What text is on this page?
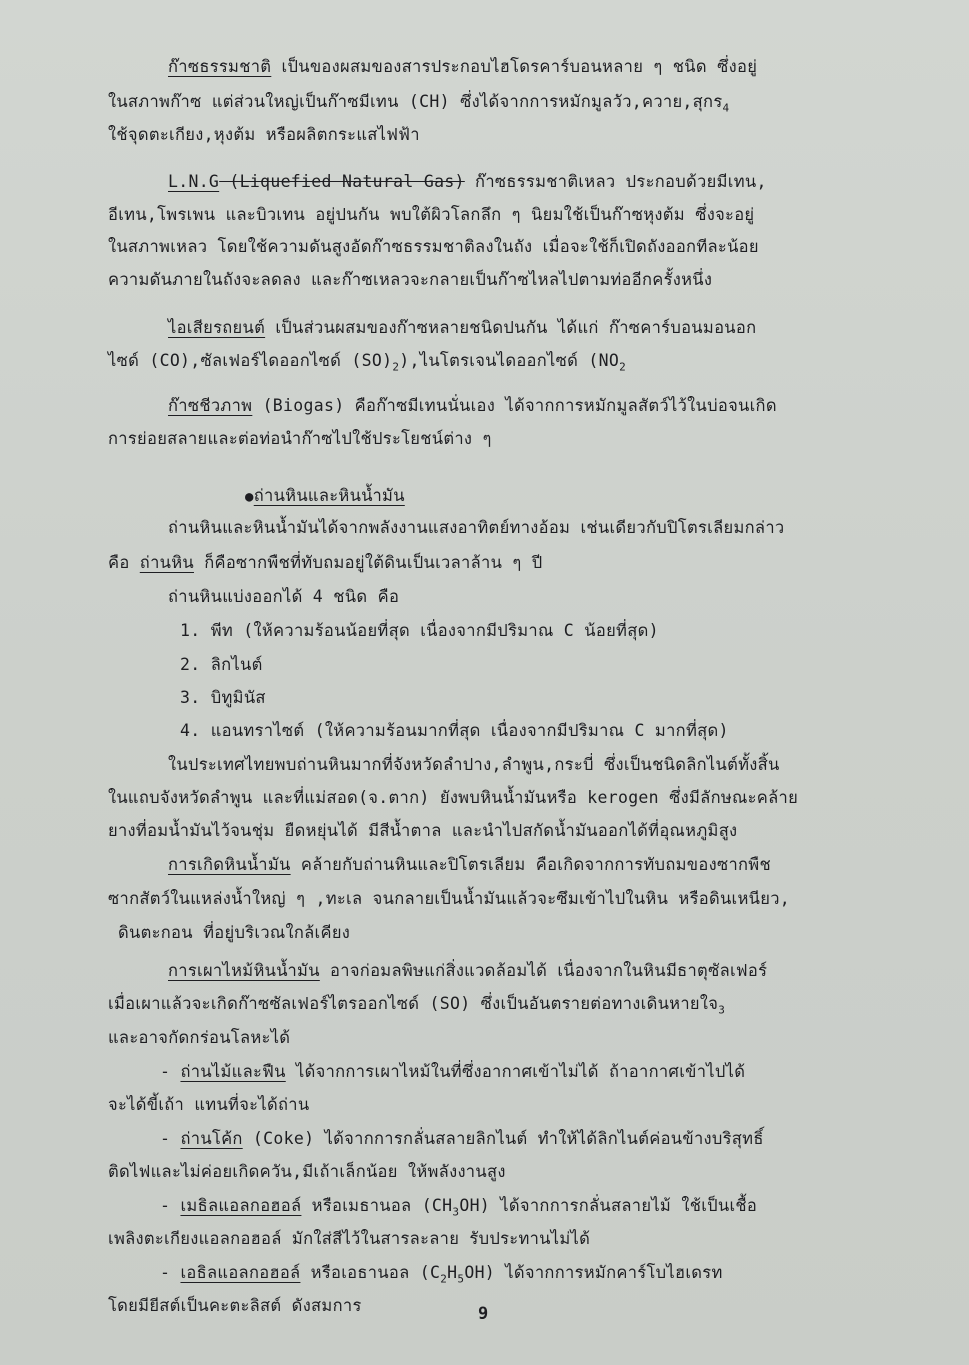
ก๊าซธรรมชาติ เป็นของผสมของสารประกอบไฮโดรคาร์บอนหลาย ๆ ชนิด ซึ่งอยู่
ในสภาพก๊าซ แต่ส่วนใหญ่เป็นก๊าซมีเทน (CH) ซึ่งได้จากการหมักมูลวัว,ควาย,สุกร$_4$
ใช้จุดตะเกียง,หุงต้ม หรือผลิตกระแสไฟฟ้า
L.N.G (Liquefied Natural Gas) ก๊าซธรรมชาติเหลว ประกอบด้วยมีเทน,
อีเทน,โพรเพน และบิวเทน อยู่ปนกัน พบใต้ผิวโลกลึก ๆ นิยมใช้เป็นก๊าซหุงต้ม ซึ่งจะอยู่
ในสภาพเหลว โดยใช้ความดันสูงอัดก๊าซธรรมชาติลงในถัง เมื่อจะใช้ก็เปิดถังออกทีละน้อย
ความดันภายในถังจะลดลง และก๊าซเหลวจะกลายเป็นก๊าซไหลไปตามท่ออีกครั้งหนึ่ง
ไอเสียรถยนต์ เป็นส่วนผสมของก๊าซหลายชนิดปนกัน ได้แก่ ก๊าซคาร์บอนมอนอก
ไซด์ (CO),ซัลเฟอร์ไดออกไซด์ $(SO)_2$),ไนโตรเจนไดออกไซด์ ($NO_2$
ก๊าซชีวภาพ (Biogas) คือก๊าซมีเทนนั่นเอง ได้จากการหมักมูลสัตว์ไว้ในบ่อจนเกิด
การย่อยสลายและต่อท่อนำก๊าซไปใช้ประโยชน์ต่าง ๆ
●ถ่านหินและหินน้ำมัน
ถ่านหินและหินน้ำมันได้จากพลังงานแสงอาทิตย์ทางอ้อม เช่นเดียวกับปิโตรเลียมกล่าว
คือ ถ่านหิน ก็คือซากพืชที่ทับถมอยู่ใต้ดินเป็นเวลาล้าน ๆ ปี
ถ่านหินแบ่งออกได้ 4 ชนิด คือ
1. พีท (ให้ความร้อนน้อยที่สุด เนื่องจากมีปริมาณ C น้อยที่สุด)
2. ลิกไนต์
3. บิทูมินัส
4. แอนทราไซต์ (ให้ความร้อนมากที่สุด เนื่องจากมีปริมาณ C มากที่สุด)
ในประเทศไทยพบถ่านหินมากที่จังหวัดลำปาง,ลำพูน,กระบี่ ซึ่งเป็นชนิดลิกไนต์ทั้งสิ้น
ในแถบจังหวัดลำพูน และที่แม่สอด(จ.ตาก) ยังพบหินน้ำมันหรือ kerogen ซึ่งมีลักษณะคล้าย
ยางที่อมน้ำมันไว้จนชุ่ม ยืดหยุ่นได้ มีสีน้ำตาล และนำไปสกัดน้ำมันออกได้ที่อุณหภูมิสูง
การเกิดหินน้ำมัน คล้ายกับถ่านหินและปิโตรเลียม คือเกิดจากการทับถมของซากพืช
ซากสัตว์ในแหล่งน้ำใหญ่ ๆ ,ทะเล จนกลายเป็นน้ำมันแล้วจะซึมเข้าไปในหิน หรือดินเหนียว,
ดินตะกอน ที่อยู่บริเวณใกล้เคียง
การเผาไหม้หินน้ำมัน อาจก่อมลพิษแก่สิ่งแวดล้อมได้ เนื่องจากในหินมีธาตุซัลเฟอร์
เมื่อเผาแล้วจะเกิดก๊าซซัลเฟอร์ไตรออกไซด์ (SO) ซึ่งเป็นอันตรายต่อทางเดินหายใจ$_3$
และอาจกัดกร่อนโลหะได้
- ถ่านไม้และฟืน ได้จากการเผาไหม้ในที่ซึ่งอากาศเข้าไม่ได้ ถ้าอากาศเข้าไปได้
จะได้ขี้เถ้า แทนที่จะได้ถ่าน
- ถ่านโค้ก (Coke) ได้จากการกลั่นสลายลิกไนต์ ทำให้ได้ลิกไนต์ค่อนข้างบริสุทธิ์
ติดไฟและไม่ค่อยเกิดควัน,มีเถ้าเล็กน้อย ให้พลังงานสูง
- เมธิลแอลกอฮอล์ หรือเมธานอล $(CH_3OH)$ ได้จากการกลั่นสลายไม้ ใช้เป็นเชื้อ
เพลิงตะเกียงแอลกอฮอล์ มักใส่สีไว้ในสารละลาย รับประทานไม่ได้
- เอธิลแอลกอฮอล์ หรือเอธานอล $(C_2H_5OH)$ ได้จากการหมักคาร์โบไฮเดรท
โดยมียีสต์เป็นคะตะลิสต์ ดังสมการ	9
